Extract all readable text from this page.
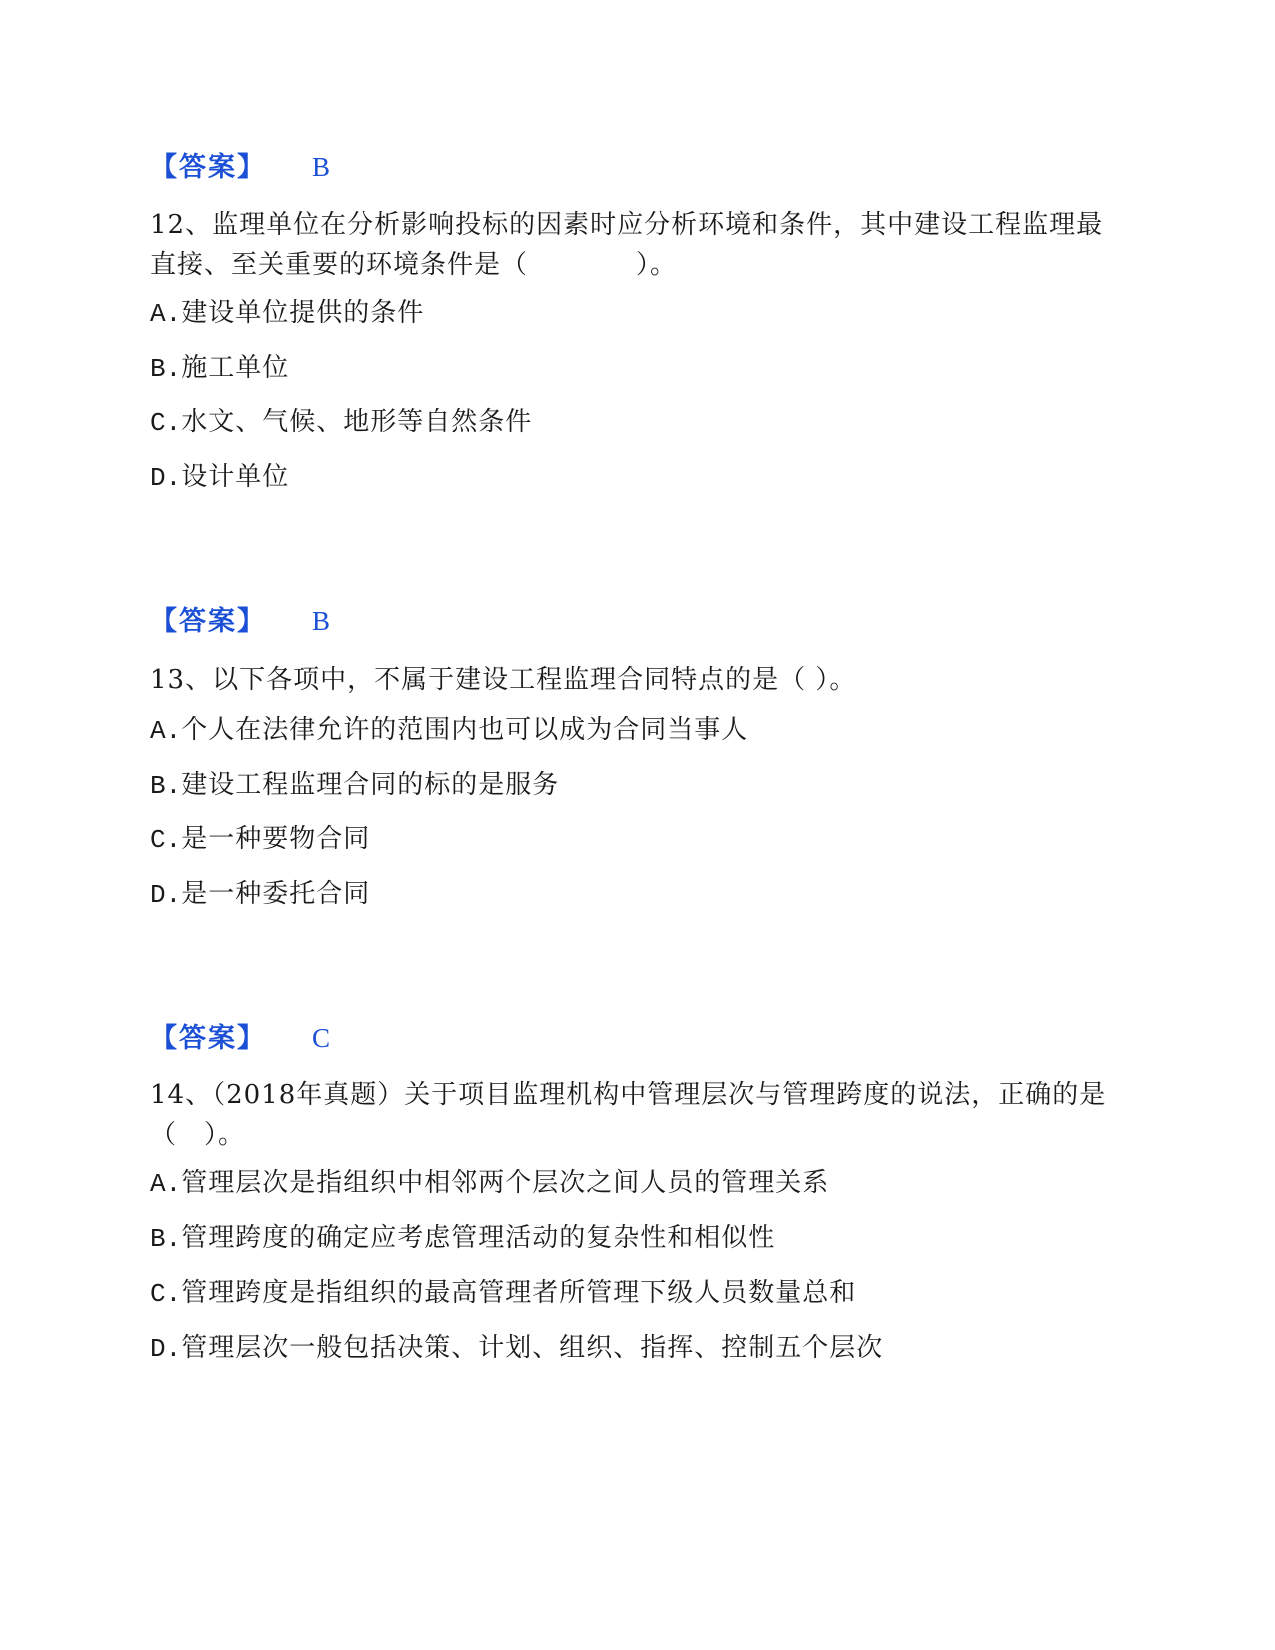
【答案】 B
12、监理单位在分析影响投标的因素时应分析环境和条件，其中建设工程监理最直接、至关重要的环境条件是（　　　　）。
A.建设单位提供的条件
B.施工单位
C.水文、气候、地形等自然条件
D.设计单位
【答案】 B
13、以下各项中，不属于建设工程监理合同特点的是（ ）。
A.个人在法律允许的范围内也可以成为合同当事人
B.建设工程监理合同的标的是服务
C.是一种要物合同
D.是一种委托合同
【答案】 C
14、（2018年真题）关于项目监理机构中管理层次与管理跨度的说法，正确的是（　）。
A.管理层次是指组织中相邻两个层次之间人员的管理关系
B.管理跨度的确定应考虑管理活动的复杂性和相似性
C.管理跨度是指组织的最高管理者所管理下级人员数量总和
D.管理层次一般包括决策、计划、组织、指挥、控制五个层次
